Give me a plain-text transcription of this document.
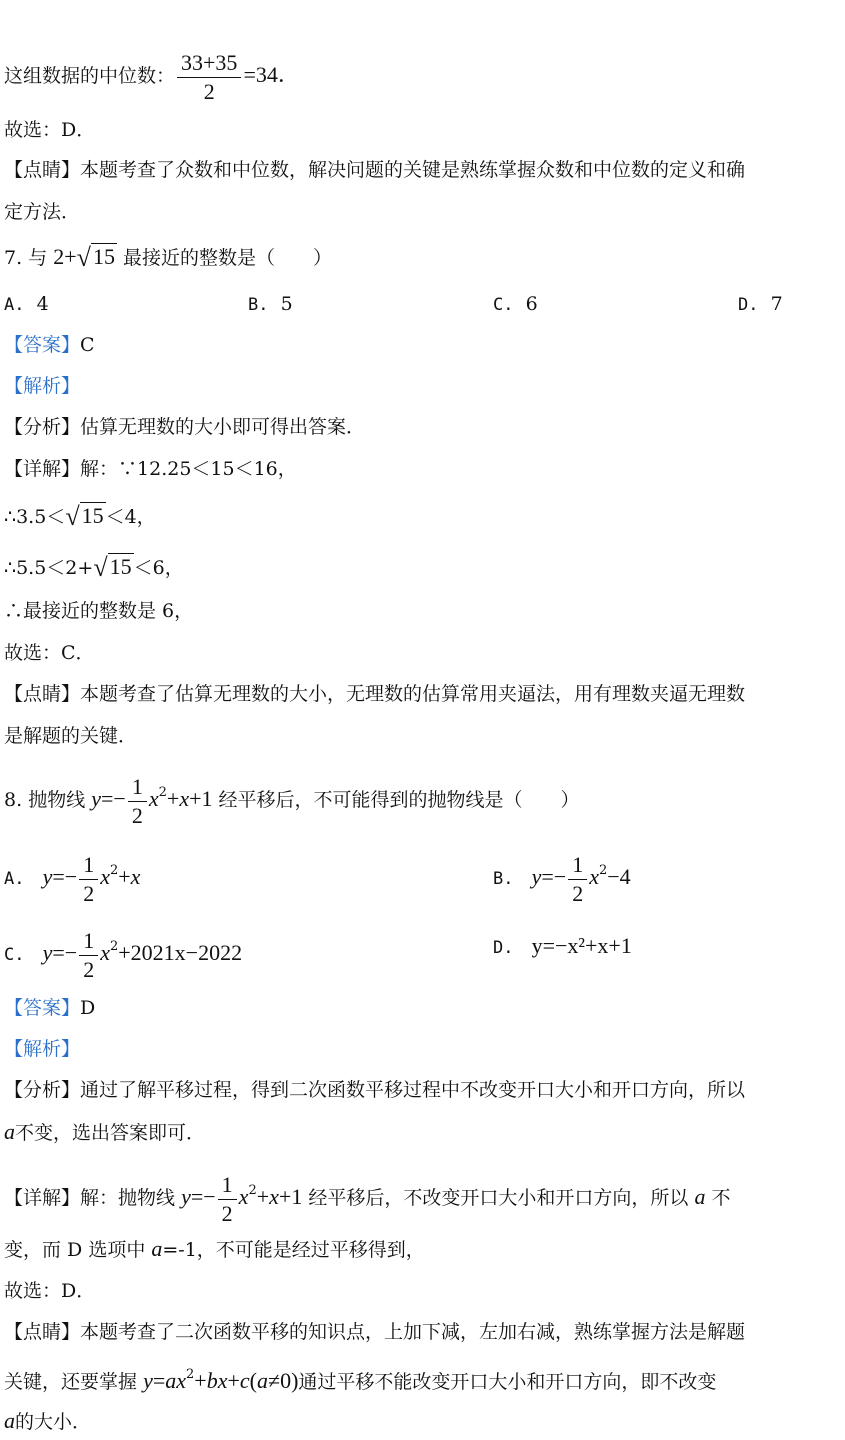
这组数据的中位数： $\frac{33+35}{2} =34$．
故选：D．
【点睛】本题考查了众数和中位数，解决问题的关键是熟练掌握众数和中位数的定义和确
定方法．
7. 与 2+√15 最接近的整数是（　　）
A. 4	B. 5	C. 6	D. 7
【答案】C
【解析】
【分析】估算无理数的大小即可得出答案．
【详解】解：∵12.25＜15＜16，
∴3.5＜√15 ＜4，
∴5.5＜2+√15 ＜6，
∴最接近的整数是 6，
故选：C．
【点睛】本题考查了估算无理数的大小，无理数的估算常用夹逼法，用有理数夹逼无理数
是解题的关键．
8. 抛物线 $y=- \frac{1}{2} x^2+x+1$ 经平移后，不可能得到的抛物线是（　　）
A. $y=- \frac{1}{2} x^2+x$	B. $y=- \frac{1}{2} x^2-4$
C. $y=- \frac{1}{2} x^2+2021x-2022$	D. y=−x²+x+1
【答案】D
【解析】
【分析】通过了解平移过程，得到二次函数平移过程中不改变开口大小和开口方向，所以
a不变，选出答案即可．
【详解】解：抛物线 $y=- \frac{1}{2} x^2+x+1$ 经平移后，不改变开口大小和开口方向，所以 a 不
变，而 D 选项中 a=-1，不可能是经过平移得到，
故选：D．
【点睛】本题考查了二次函数平移的知识点，上加下减，左加右减，熟练掌握方法是解题
关键，还要掌握 $y=ax^2+bx+c(a\ne 0)$通过平移不能改变开口大小和开口方向，即不改变
a的大小．
